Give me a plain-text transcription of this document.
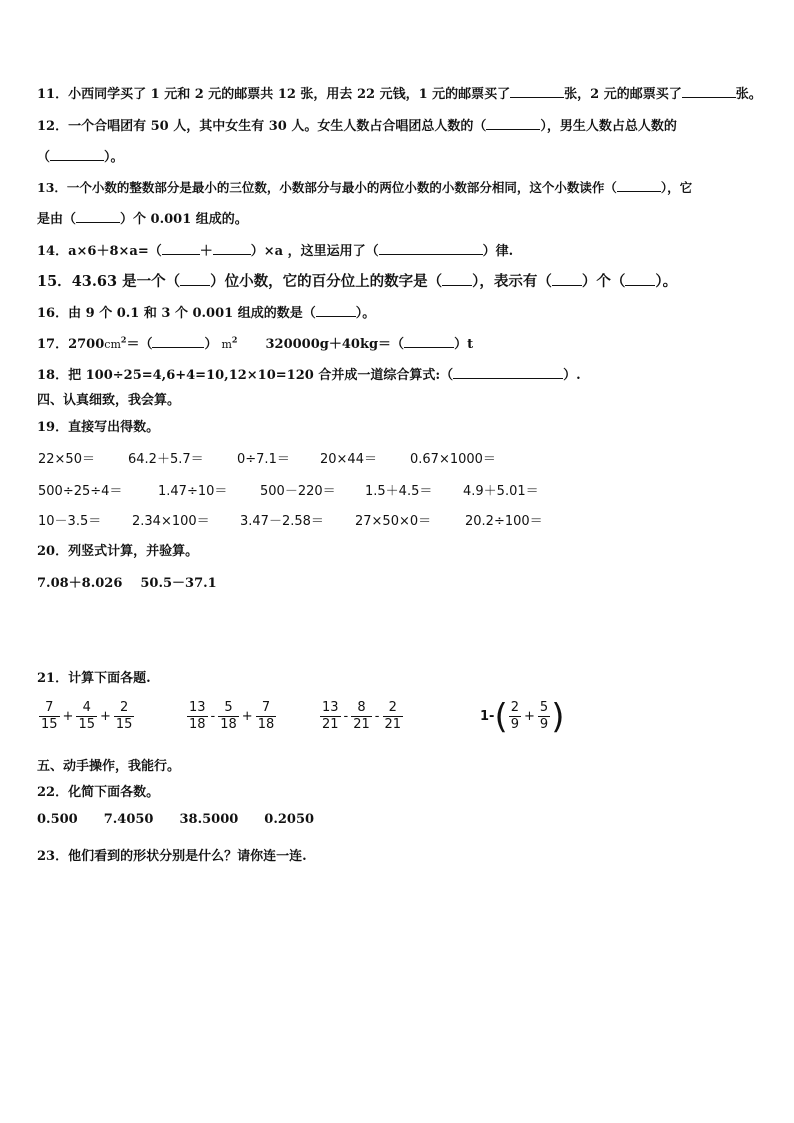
11．小西同学买了 1 元和 2 元的邮票共 12 张，用去 22 元钱，1 元的邮票买了	张，2 元的邮票买了	张。
12．一个合唱团有 50 人，其中女生有 30 人。女生人数占合唱团总人数的（	），男生人数占总人数的
（	）。
13．一个小数的整数部分是最小的三位数，小数部分与最小的两位小数的小数部分相同，这个小数读作（	），它
是由（	）个 0.001 组成的。
14．a×6＋8×a=（	＋	）×a ，这里运用了（	）律.
15．43.63 是一个（ ）位小数，它的百分位上的数字是（ ），表示有（ ）个（ ）。
16．由 9 个 0.1 和 3 个 0.001 组成的数是（	）。
17．$2700cm^2=$（	） $m^2$ 320000g＋40kg＝（	）t
18．把 100÷25=4,6+4=10,12×10=120 合并成一道综合算式:（	）.
四、认真细致，我会算。
19．直接写出得数。
22×50＝	64.2＋5.7＝	0÷7.1＝ 20×44＝	0.67×1000＝
500÷25÷4＝	1.47÷10＝	500－220＝ 1.5＋4.5＝ 4.9＋5.01＝
10－3.5＝ 2.34×100＝ 3.47－2.58＝ 27×50×0＝	20.2÷100＝
20．列竖式计算，并验算。
7.08＋8.026 50.5－37.1
21．计算下面各题.
$\frac{7}{15} + \frac{4}{15} + \frac{2}{15}$	$\frac{13}{18} - \frac{5}{18} + \frac{7}{18}$	$\frac{13}{21} - \frac{8}{21} - \frac{2}{21}$	1- ( $\frac{2}{9} + \frac{5}{9}$ )
五、动手操作，我能行。
22．化简下面各数。
0.500 7.4050 38.5000 0.2050
23．他们看到的形状分别是什么？请你连一连.
